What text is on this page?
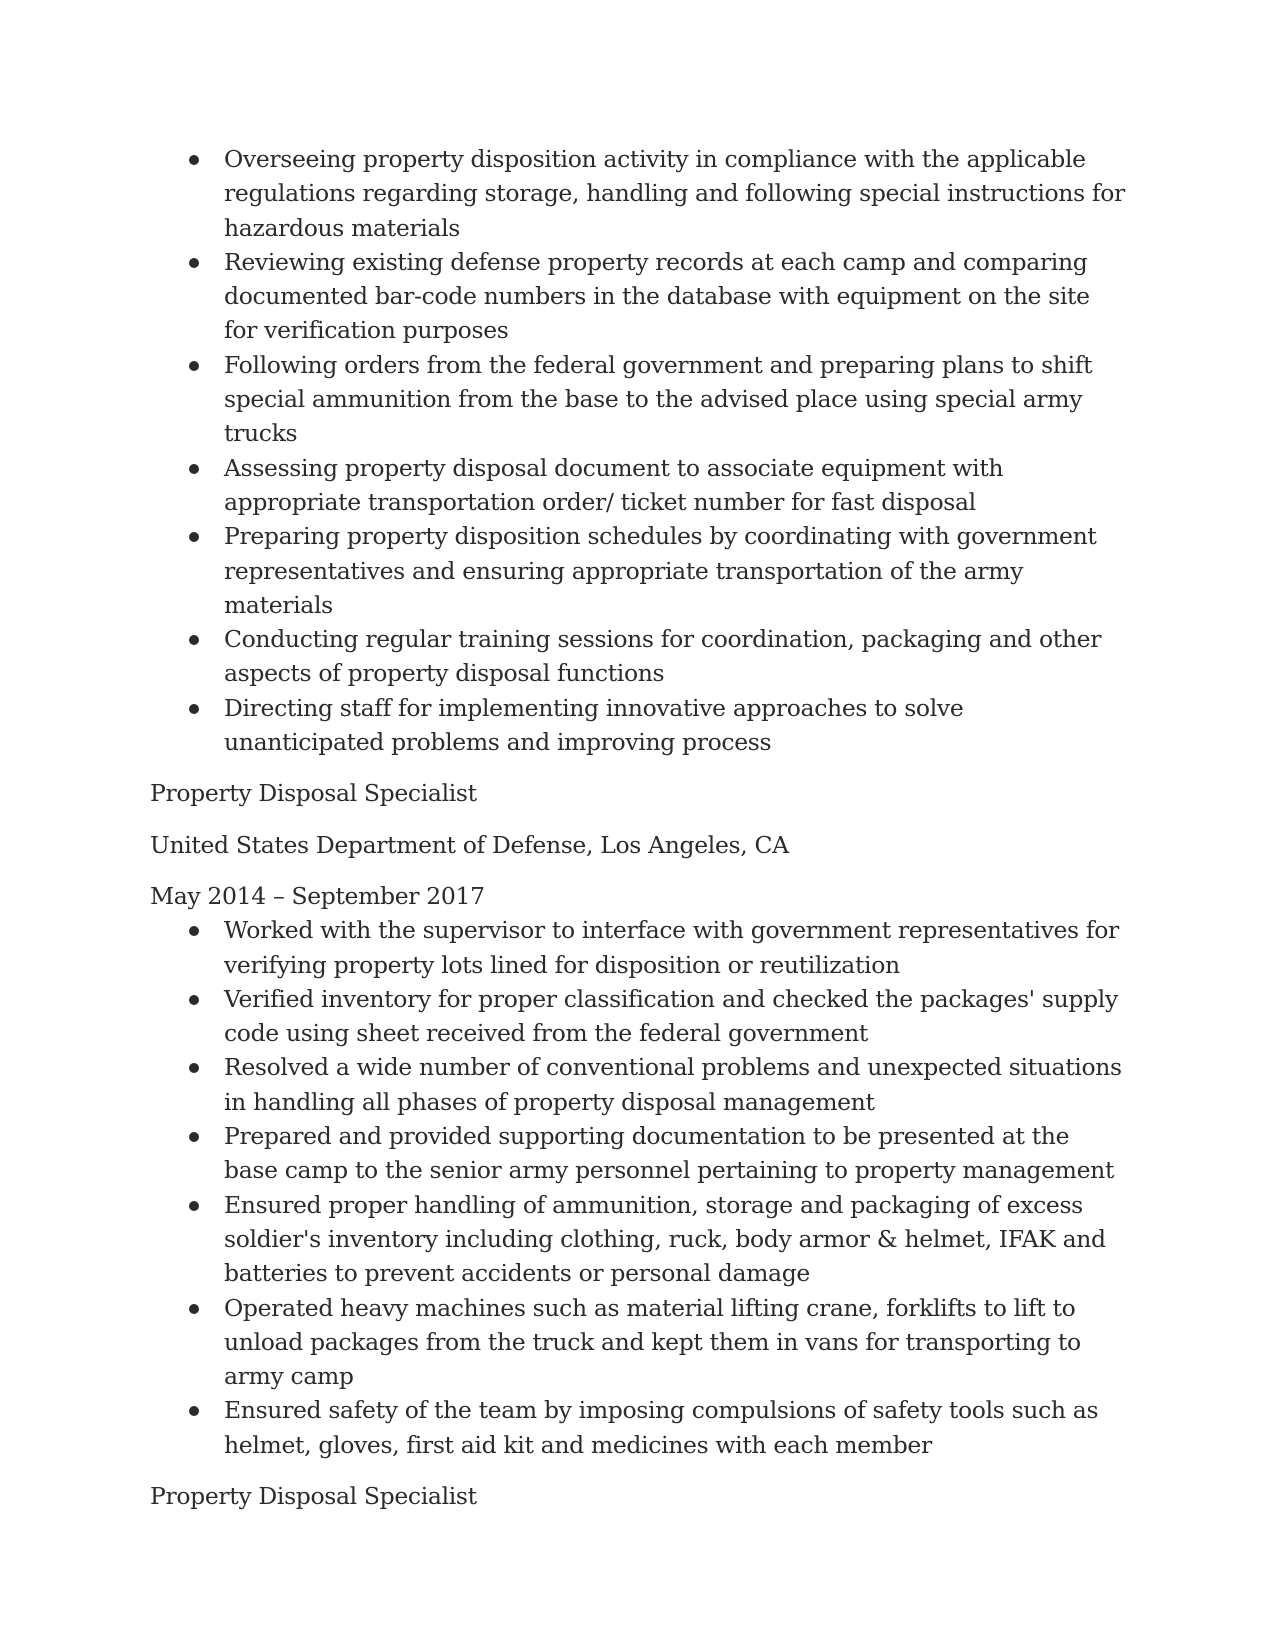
Overseeing property disposition activity in compliance with the applicable regulations regarding storage, handling and following special instructions for hazardous materials
Reviewing existing defense property records at each camp and comparing documented bar-code numbers in the database with equipment on the site for verification purposes
Following orders from the federal government and preparing plans to shift special ammunition from the base to the advised place using special army trucks
Assessing property disposal document to associate equipment with appropriate transportation order/ ticket number for fast disposal
Preparing property disposition schedules by coordinating with government representatives and ensuring appropriate transportation of the army materials
Conducting regular training sessions for coordination, packaging and other aspects of property disposal functions
Directing staff for implementing innovative approaches to solve unanticipated problems and improving process

Property Disposal Specialist

United States Department of Defense, Los Angeles, CA

May 2014 – September 2017

Worked with the supervisor to interface with government representatives for verifying property lots lined for disposition or reutilization
Verified inventory for proper classification and checked the packages' supply code using sheet received from the federal government
Resolved a wide number of conventional problems and unexpected situations in handling all phases of property disposal management
Prepared and provided supporting documentation to be presented at the base camp to the senior army personnel pertaining to property management
Ensured proper handling of ammunition, storage and packaging of excess soldier's inventory including clothing, ruck, body armor & helmet, IFAK and batteries to prevent accidents or personal damage
Operated heavy machines such as material lifting crane, forklifts to lift to unload packages from the truck and kept them in vans for transporting to army camp
Ensured safety of the team by imposing compulsions of safety tools such as helmet, gloves, first aid kit and medicines with each member

Property Disposal Specialist
